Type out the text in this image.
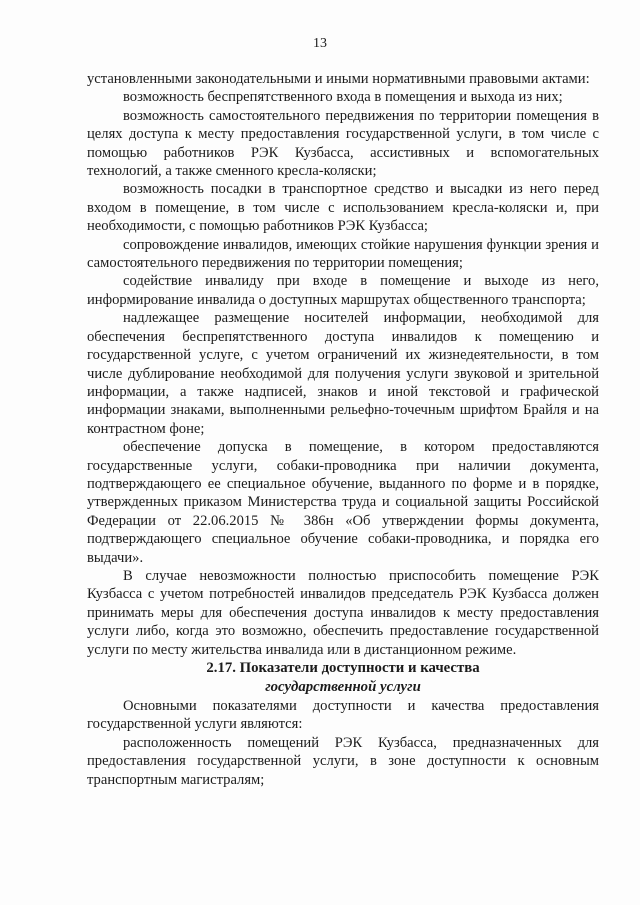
13

установленными законодательными и иными нормативными правовыми актами:

возможность беспрепятственного входа в помещения и выхода из них;

возможность самостоятельного передвижения по территории помещения в целях доступа к месту предоставления государственной услуги, в том числе с помощью работников РЭК Кузбасса, ассистивных и вспомогательных технологий, а также сменного кресла-коляски;

возможность посадки в транспортное средство и высадки из него перед входом в помещение, в том числе с использованием кресла-коляски и, при необходимости, с помощью работников РЭК Кузбасса;

сопровождение инвалидов, имеющих стойкие нарушения функции зрения и самостоятельного передвижения по территории помещения;

содействие инвалиду при входе в помещение и выходе из него, информирование инвалида о доступных маршрутах общественного транспорта;

надлежащее размещение носителей информации, необходимой для обеспечения беспрепятственного доступа инвалидов к помещению и государственной услуге, с учетом ограничений их жизнедеятельности, в том числе дублирование необходимой для получения услуги звуковой и зрительной информации, а также надписей, знаков и иной текстовой и графической информации знаками, выполненными рельефно-точечным шрифтом Брайля и на контрастном фоне;

обеспечение допуска в помещение, в котором предоставляются государственные услуги, собаки-проводника при наличии документа, подтверждающего ее специальное обучение, выданного по форме и в порядке, утвержденных приказом Министерства труда и социальной защиты Российской Федерации от 22.06.2015 № 386н «Об утверждении формы документа, подтверждающего специальное обучение собаки-проводника, и порядка его выдачи».

В случае невозможности полностью приспособить помещение РЭК Кузбасса с учетом потребностей инвалидов председатель РЭК Кузбасса должен принимать меры для обеспечения доступа инвалидов к месту предоставления услуги либо, когда это возможно, обеспечить предоставление государственной услуги по месту жительства инвалида или в дистанционном режиме.

2.17. Показатели доступности и качества
государственной услуги

Основными показателями доступности и качества предоставления государственной услуги являются:

расположенность помещений РЭК Кузбасса, предназначенных для предоставления государственной услуги, в зоне доступности к основным транспортным магистралям;
